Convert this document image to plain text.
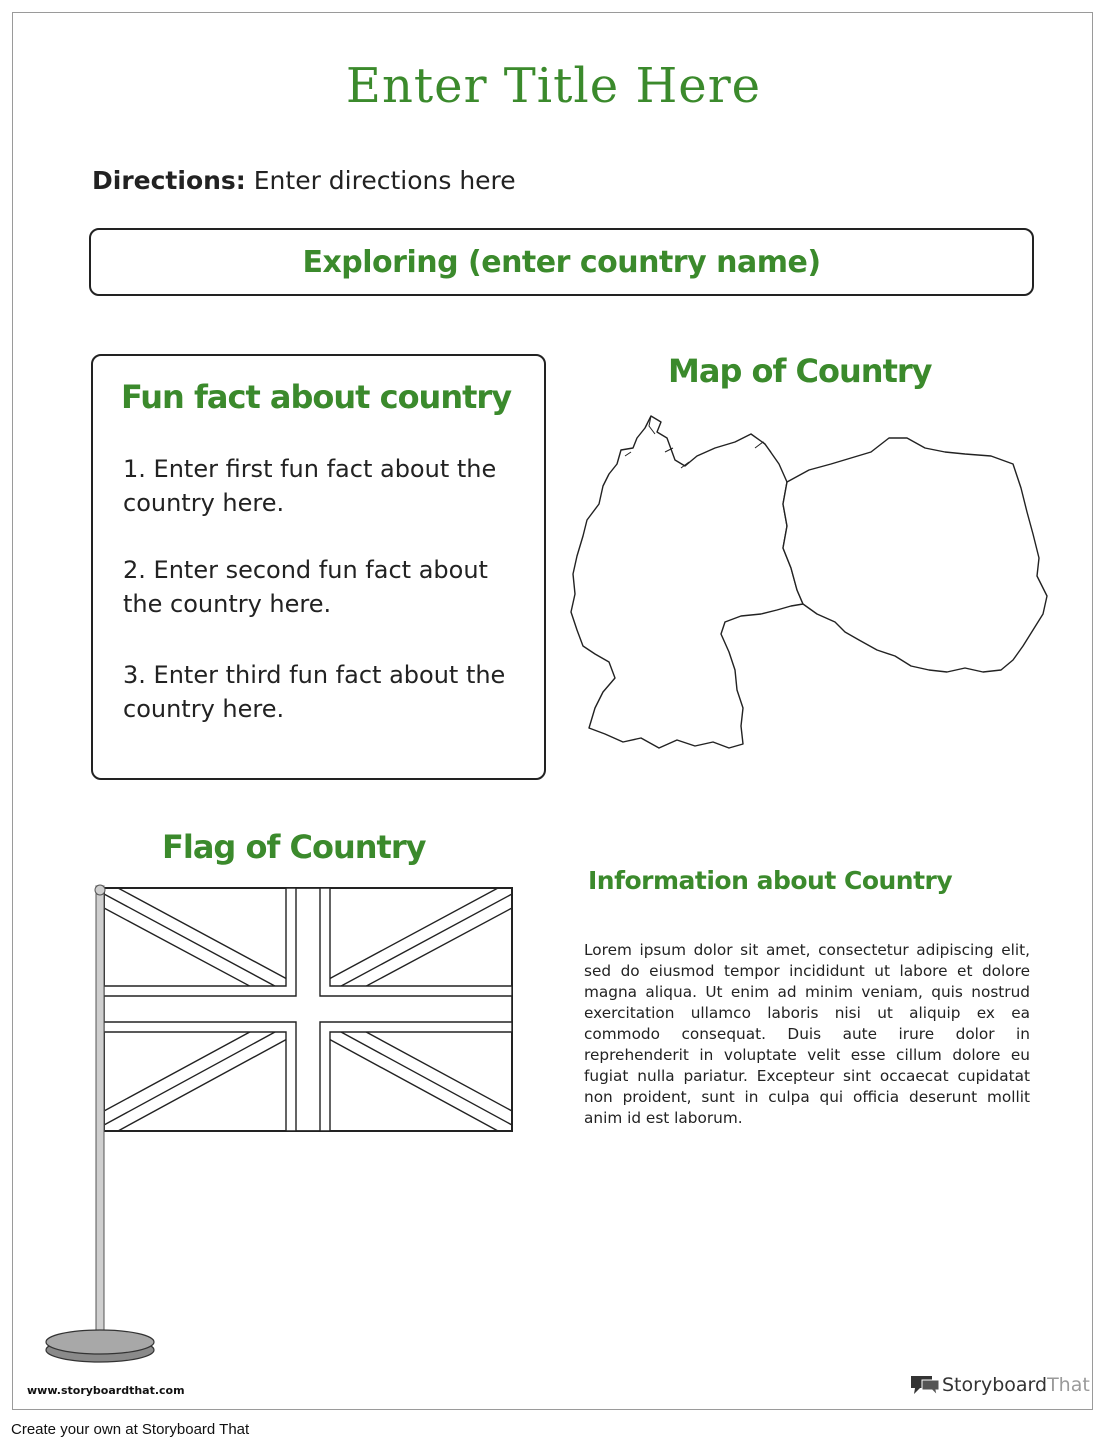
Enter Title Here
Directions: Enter directions here
Exploring (enter country name)
Fun fact about country
1. Enter first fun fact about the country here.
2. Enter second fun fact about the country here.
3. Enter third fun fact about the country here.
Map of Country
Flag of Country
Information about Country
Lorem ipsum dolor sit amet, consectetur adipiscing elit, sed do eiusmod tempor incididunt ut labore et dolore magna aliqua. Ut enim ad minim veniam, quis nostrud exercitation ullamco laboris nisi ut aliquip ex ea commodo consequat. Duis aute irure dolor in reprehenderit in voluptate velit esse cillum dolore eu fugiat nulla pariatur. Excepteur sint occaecat cupidatat non proident, sunt in culpa qui officia deserunt mollit anim id est laborum.
www.storyboardthat.com	Storyboard That
Create your own at Storyboard That
